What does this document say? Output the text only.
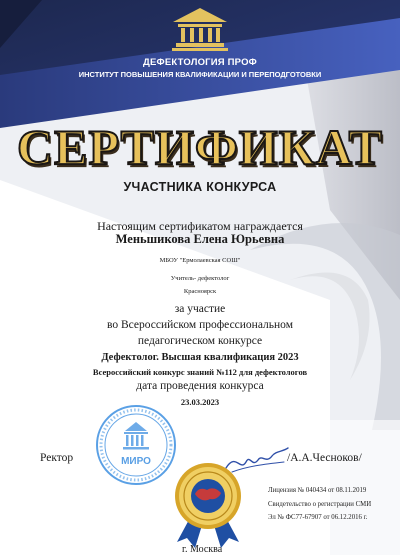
ДЕФЕКТОЛОГИЯ ПРОФ
ИНСТИТУТ ПОВЫШЕНИЯ КВАЛИФИКАЦИИ И ПЕРЕПОДГОТОВКИ
СЕРТИФИКАТ
УЧАСТНИКА КОНКУРСА
Настоящим сертификатом награждается
Меньшикова Елена Юрьевна
МБОУ "Ермолаевская СОШ"
Учитель- дефектолог
Красноярск
за участие
во Всероссийском профессиональном
педагогическом конкурсе
Дефектолог. Высшая квалификация 2023
Всероссийский конкурс знаний №112 для дефектологов
дата проведения конкурса
23.03.2023
МИРО
Ректор	/А.А.Чесноков/
Лицензия № 040434 от 08.11.2019
Свидетельство о регистрации СМИ
Эл № ФС77-67907 от 06.12.2016 г.
г. Москва
